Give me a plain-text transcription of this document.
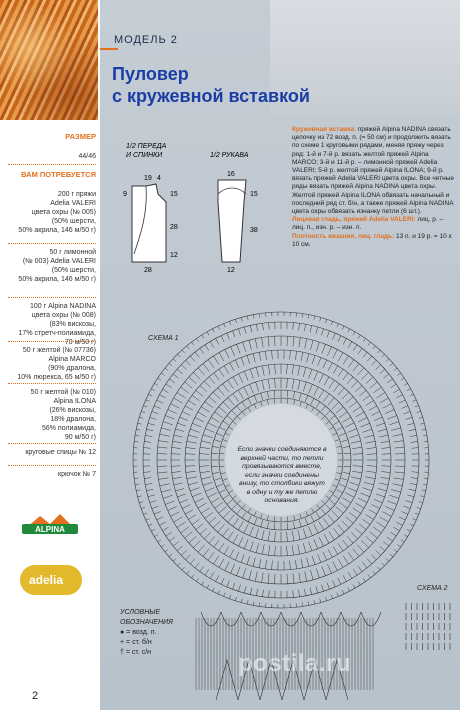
РАЗМЕР
44/46
ВАМ ПОТРЕБУЕТСЯ
200 г пряжи
Adelia VALERI
цвета охры (№ 005)
(50% шерсти,
50% акрила, 146 м/50 г)
50 г лимонной
(№ 003) Adelia VALERI
(50% шерсти,
50% акрила, 146 м/50 г)
100 г Alpina NADINA
цвета охры (№ 008)
(83% вискозы,
17% стретч-полиамида,
70 м/50 г)
50 г желтой (№ 07736)
Alpina MARCO
(90% дралона,
10% люрекса, 65 м/50 г)
50 г желтой (№ 010)
Alpina ILONA
(26% вискозы,
18% дралона,
56% полиамида,
90 м/50 г)
круговые спицы № 12
крючок № 7
ALPINA
adelia
2
МОДЕЛЬ 2
Пуловер
с кружевной вставкой
1/2 ПЕРЕДА
И СПИНКИ	1/2 РУКАВА
19 4
9	15
28
12
28
16
15
38
12
Кружевная вставка: пряжей Alpina NADINA связать цепочку из 72 возд. п. (= 50 см) и продолжить вязать по схеме 1 круговыми рядами, меняя пряжу через ряд: 1-й и 7-й р. вязать желтой пряжей Alpina MARCO; 3-й и 11-й р. – лимонной пряжей Adelia VALERI; 5-й р. желтой пряжей Alpina ILONA; 9-й р. вязать пряжей Adelia VALERI цвета охры. Все четные ряды вязать пряжей Alpina NADINA цвета охры. Желтой пряжей Alpina ILONA обвязать начальный и последний ряд ст. б/н, а также пряжей Alpina NADINA цвета охры обвязать изнанку петли (6 шт.).
Лицевая гладь, пряжей Adelia VALERI: лиц. р. – лиц. п., изн. р. – изн. п.
Плотность вязания, лиц. гладь: 13 п. и 19 р. = 10 х 10 см.
СХЕМА 1
Если значки соединяются в верхней части, то петли провязываются вместе, если значки соединены внизу, то столбики вяжут в одну и ту же петлю основания.
СХЕМА 2
УСЛОВНЫЕ
ОБОЗНАЧЕНИЯ
● = возд. п.
+ = ст. б/н
† = ст. с/н	postila.ru
